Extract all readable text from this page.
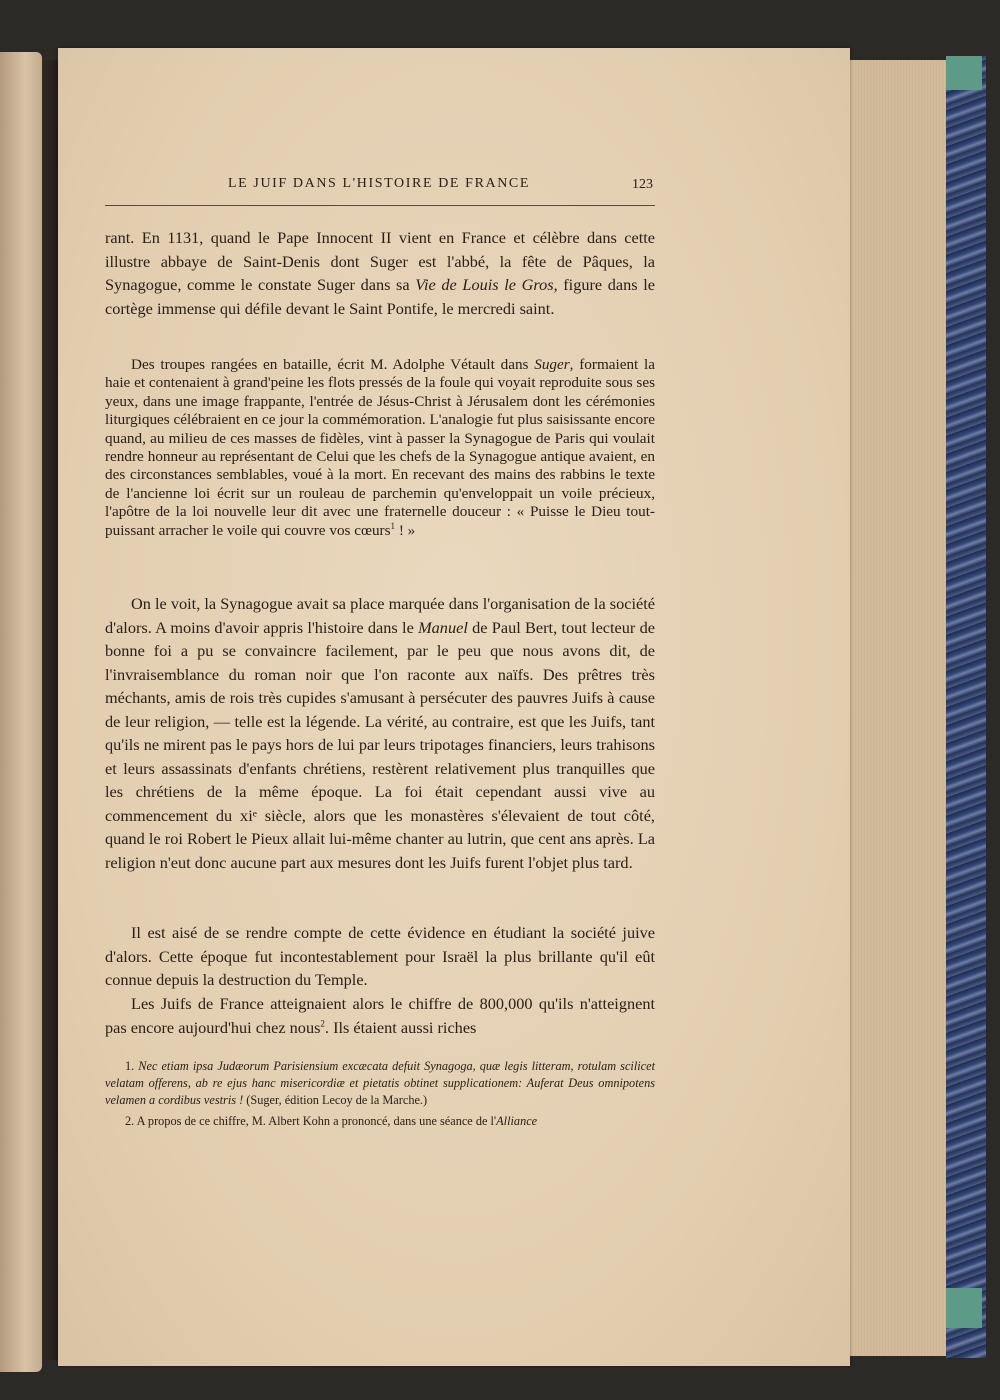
LE JUIF DANS L'HISTOIRE DE FRANCE	123

rant. En 1131, quand le Pape Innocent II vient en France et célèbre dans cette illustre abbaye de Saint-Denis dont Suger est l'abbé, la fête de Pâques, la Synagogue, comme le constate Suger dans sa Vie de Louis le Gros, figure dans le cortège immense qui défile devant le Saint Pontife, le mercredi saint.

Des troupes rangées en bataille, écrit M. Adolphe Vétault dans Suger, formaient la haie et contenaient à grand'peine les flots pressés de la foule qui voyait reproduite sous ses yeux, dans une image frappante, l'entrée de Jésus-Christ à Jérusalem dont les cérémonies liturgiques célébraient en ce jour la commémoration. L'analogie fut plus saisissante encore quand, au milieu de ces masses de fidèles, vint à passer la Synagogue de Paris qui voulait rendre honneur au représentant de Celui que les chefs de la Synagogue antique avaient, en des circonstances semblables, voué à la mort. En recevant des mains des rabbins le texte de l'ancienne loi écrit sur un rouleau de parchemin qu'enveloppait un voile précieux, l'apôtre de la loi nouvelle leur dit avec une fraternelle douceur : « Puisse le Dieu tout-puissant arracher le voile qui couvre vos cœurs$^1$ ! »

On le voit, la Synagogue avait sa place marquée dans l'organisation de la société d'alors. A moins d'avoir appris l'histoire dans le Manuel de Paul Bert, tout lecteur de bonne foi a pu se convaincre facilement, par le peu que nous avons dit, de l'invraisemblance du roman noir que l'on raconte aux naïfs. Des prêtres très méchants, amis de rois très cupides s'amusant à persécuter des pauvres Juifs à cause de leur religion, — telle est la légende. La vérité, au contraire, est que les Juifs, tant qu'ils ne mirent pas le pays hors de lui par leurs tripotages financiers, leurs trahisons et leurs assassinats d'enfants chrétiens, restèrent relativement plus tranquilles que les chrétiens de la même époque. La foi était cependant aussi vive au commencement du xiᵉ siècle, alors que les monastères s'élevaient de tout côté, quand le roi Robert le Pieux allait lui-même chanter au lutrin, que cent ans après. La religion n'eut donc aucune part aux mesures dont les Juifs furent l'objet plus tard.

Il est aisé de se rendre compte de cette évidence en étudiant la société juive d'alors. Cette époque fut incontestablement pour Israël la plus brillante qu'il eût connue depuis la destruction du Temple.

Les Juifs de France atteignaient alors le chiffre de 800,000 qu'ils n'atteignent pas encore aujourd'hui chez nous$^2$. Ils étaient aussi riches

1. Nec etiam ipsa Judæorum Parisiensium excæcata defuit Synagoga, quæ legis litteram, rotulam scilicet velatam offerens, ab re ejus hanc misericordiæ et pietatis obtinet supplicationem: Auferat Deus omnipotens velamen a cordibus vestris ! (Suger, édition Lecoy de la Marche.)

2. A propos de ce chiffre, M. Albert Kohn a prononcé, dans une séance de l'Alliance
